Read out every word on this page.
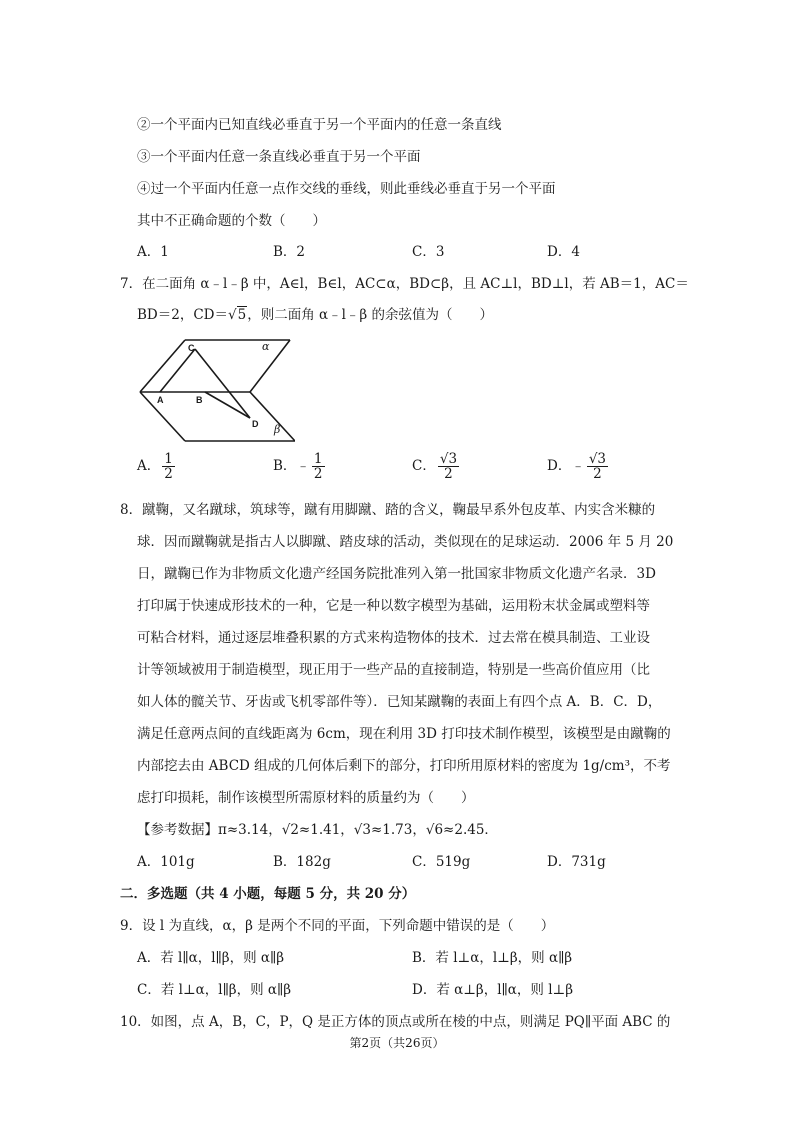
②一个平面内已知直线必垂直于另一个平面内的任意一条直线
③一个平面内任意一条直线必垂直于另一个平面
④过一个平面内任意一点作交线的垂线，则此垂线必垂直于另一个平面
其中不正确命题的个数（　　）
A．1	B．2	C．3	D．4
7．在二面角 α﹣l﹣β 中，A∈l，B∈l，AC⊂α，BD⊂β，且 AC⊥l，BD⊥l，若 AB＝1，AC＝
BD＝2，CD＝√5，则二面角 α﹣l﹣β 的余弦值为（　　）
C
A	B
D
α
β
A． $\frac{1}{2}$	B．﹣ $\frac{1}{2}$	C． $\frac{√3}{2}$	D．﹣ $\frac{√3}{2}$
8．蹴鞠，又名蹴球，筑球等，蹴有用脚蹴、踏的含义，鞠最早系外包皮革、内实含米糠的
球．因而蹴鞠就是指古人以脚蹴、踏皮球的活动，类似现在的足球运动．2006 年 5 月 20
日，蹴鞠已作为非物质文化遗产经国务院批准列入第一批国家非物质文化遗产名录．3D
打印属于快速成形技术的一种，它是一种以数字模型为基础，运用粉末状金属或塑料等
可粘合材料，通过逐层堆叠积累的方式来构造物体的技术．过去常在模具制造、工业设
计等领域被用于制造模型，现正用于一些产品的直接制造，特别是一些高价值应用（比
如人体的髋关节、牙齿或飞机零部件等）．已知某蹴鞠的表面上有四个点 A．B．C．D，
满足任意两点间的直线距离为 6cm，现在利用 3D 打印技术制作模型，该模型是由蹴鞠的
内部挖去由 ABCD 组成的几何体后剩下的部分，打印所用原材料的密度为 1g/cm³，不考
虑打印损耗，制作该模型所需原材料的质量约为（　　）
【参考数据】π≈3.14，√2≈1.41，√3≈1.73，√6≈2.45．
A．101g	B．182g	C．519g	D．731g
二．多选题（共 4 小题，每题 5 分，共 20 分）
9．设 l 为直线，α，β 是两个不同的平面，下列命题中错误的是（　　）
A．若 l∥α，l∥β，则 α∥β	B．若 l⊥α，l⊥β，则 α∥β
C．若 l⊥α，l∥β，则 α∥β	D．若 α⊥β，l∥α，则 l⊥β
10．如图，点 A，B，C，P，Q 是正方体的顶点或所在棱的中点，则满足 PQ∥平面 ABC 的
第2页（共26页）
